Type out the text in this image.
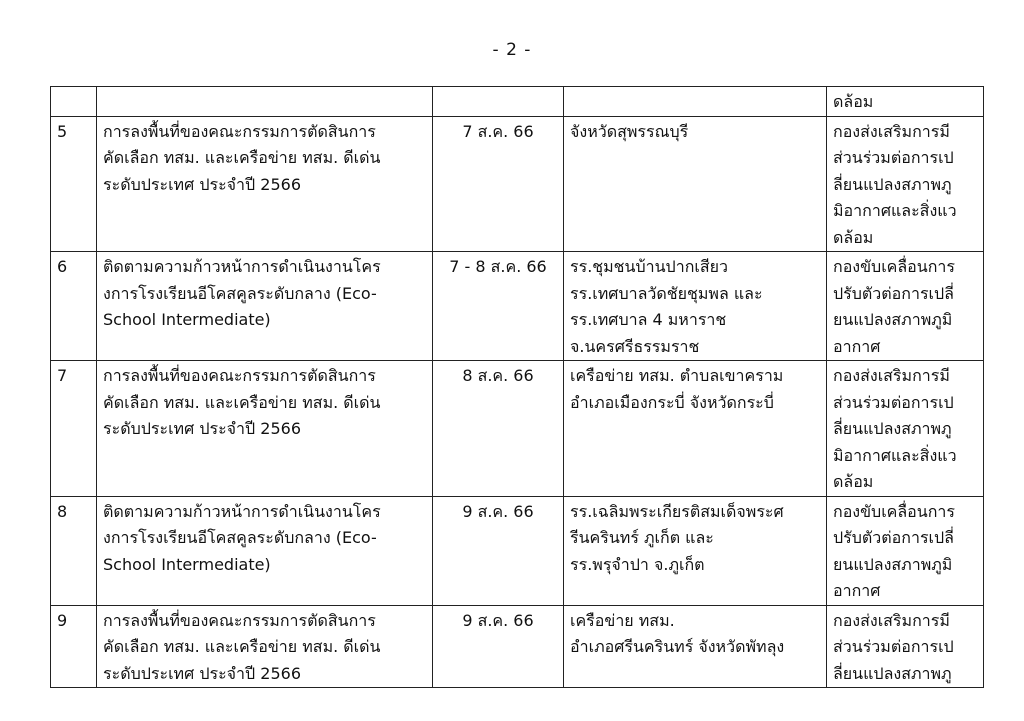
- 2 -

				ดล้อม

5	การลงพื้นที่ของคณะกรรมการตัดสินการ
คัดเลือก ทสม. และเครือข่าย ทสม. ดีเด่น
ระดับประเทศ ประจำปี 2566	7 ส.ค. 66	จังหวัดสุพรรณบุรี	กองส่งเสริมการมี
ส่วนร่วมต่อการเป
ลี่ยนแปลงสภาพภู
มิอากาศและสิ่งแว
ดล้อม

6	ติดตามความก้าวหน้าการดำเนินงานโคร
งการโรงเรียนอีโคสคูลระดับกลาง (Eco-
School Intermediate)	7 - 8 ส.ค. 66	รร.ชุมชนบ้านปากเสียว
รร.เทศบาลวัดชัยชุมพล และ
รร.เทศบาล 4 มหาราช
จ.นครศรีธรรมราช	กองขับเคลื่อนการ
ปรับตัวต่อการเปลี่
ยนแปลงสภาพภูมิ
อากาศ

7	การลงพื้นที่ของคณะกรรมการตัดสินการ
คัดเลือก ทสม. และเครือข่าย ทสม. ดีเด่น
ระดับประเทศ ประจำปี 2566	8 ส.ค. 66	เครือข่าย ทสม. ตำบลเขาคราม
อำเภอเมืองกระบี่ จังหวัดกระบี่	กองส่งเสริมการมี
ส่วนร่วมต่อการเป
ลี่ยนแปลงสภาพภู
มิอากาศและสิ่งแว
ดล้อม

8	ติดตามความก้าวหน้าการดำเนินงานโคร
งการโรงเรียนอีโคสคูลระดับกลาง (Eco-
School Intermediate)	9 ส.ค. 66	รร.เฉลิมพระเกียรติสมเด็จพระศ
รีนครินทร์ ภูเก็ต และ
รร.พรุจำปา จ.ภูเก็ต	กองขับเคลื่อนการ
ปรับตัวต่อการเปลี่
ยนแปลงสภาพภูมิ
อากาศ

9	การลงพื้นที่ของคณะกรรมการตัดสินการ
คัดเลือก ทสม. และเครือข่าย ทสม. ดีเด่น
ระดับประเทศ ประจำปี 2566	9 ส.ค. 66	เครือข่าย ทสม.
อำเภอศรีนครินทร์ จังหวัดพัทลุง	กองส่งเสริมการมี
ส่วนร่วมต่อการเป
ลี่ยนแปลงสภาพภู
